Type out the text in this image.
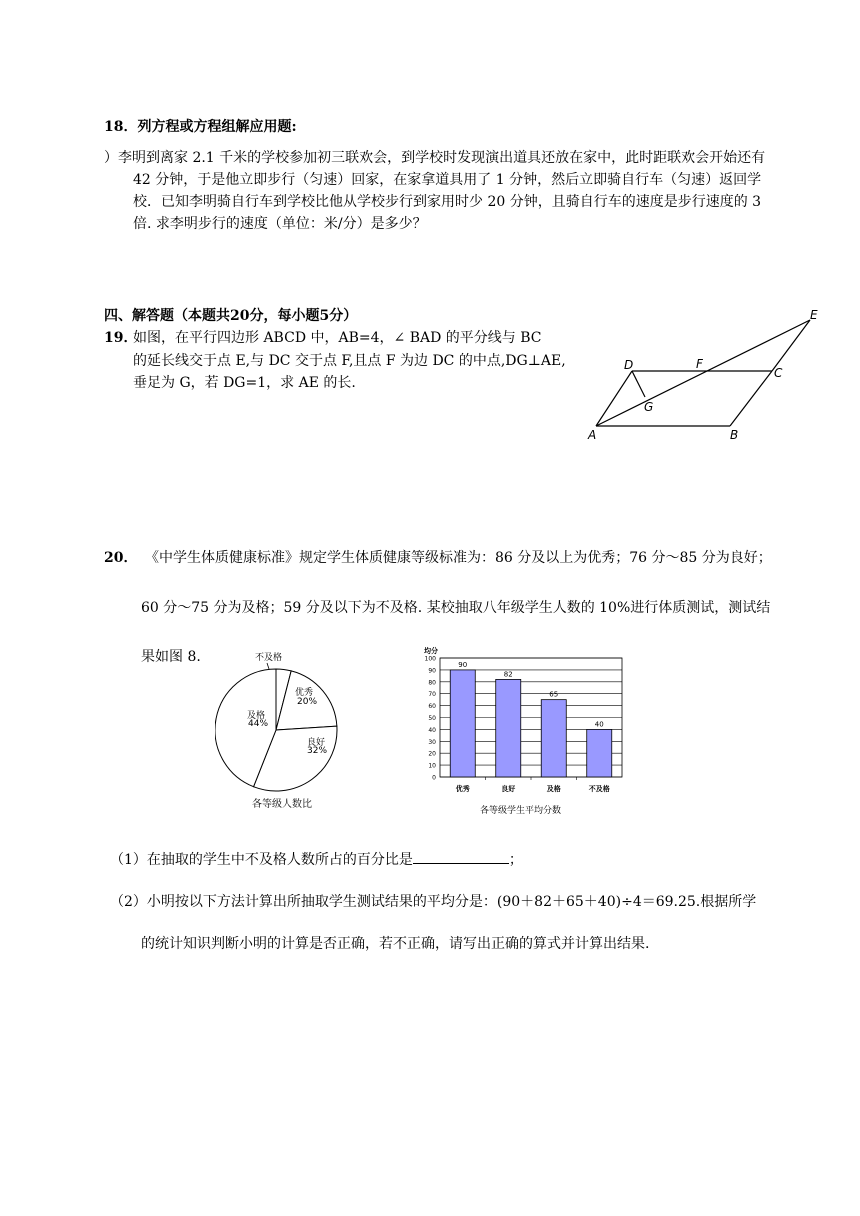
18．列方程或方程组解应用题:
）李明到离家 2.1 千米的学校参加初三联欢会，到学校时发现演出道具还放在家中，此时距联欢会开始还有
42 分钟，于是他立即步行（匀速）回家，在家拿道具用了 1 分钟，然后立即骑自行车（匀速）返回学
校．已知李明骑自行车到学校比他从学校步行到家用时少 20 分钟，且骑自行车的速度是步行速度的 3
倍. 求李明步行的速度（单位：米/分）是多少？
四、解答题（本题共20分，每小题5分）
19．
如图，在平行四边形 ABCD 中，AB=4，∠ BAD 的平分线与 BC
的延长线交于点 E,与 DC 交于点 F,且点 F 为边 DC 的中点,DG⊥AE,
垂足为 G，若 DG=1，求 AE 的长.
A	B
C
D
E
F
G
20． 《中学生体质健康标准》规定学生体质健康等级标准为：86 分及以上为优秀；76 分～85 分为良好；
60 分～75 分为及格；59 分及以下为不及格. 某校抽取八年级学生人数的 10%进行体质测试，测试结
果如图 8.	不及格
优秀
20%
良好
32%
及格
44%
各等级人数比
均分
0
10
20
30
40
50
60
70
80
90
100
90
优秀
82
良好
65
及格
40
不及格
各等级学生平均分数
（1）在抽取的学生中不及格人数所占的百分比是	；
（2）小明按以下方法计算出所抽取学生测试结果的平均分是：(90＋82＋65＋40)÷4＝69.25.根据所学
的统计知识判断小明的计算是否正确，若不正确，请写出正确的算式并计算出结果.
